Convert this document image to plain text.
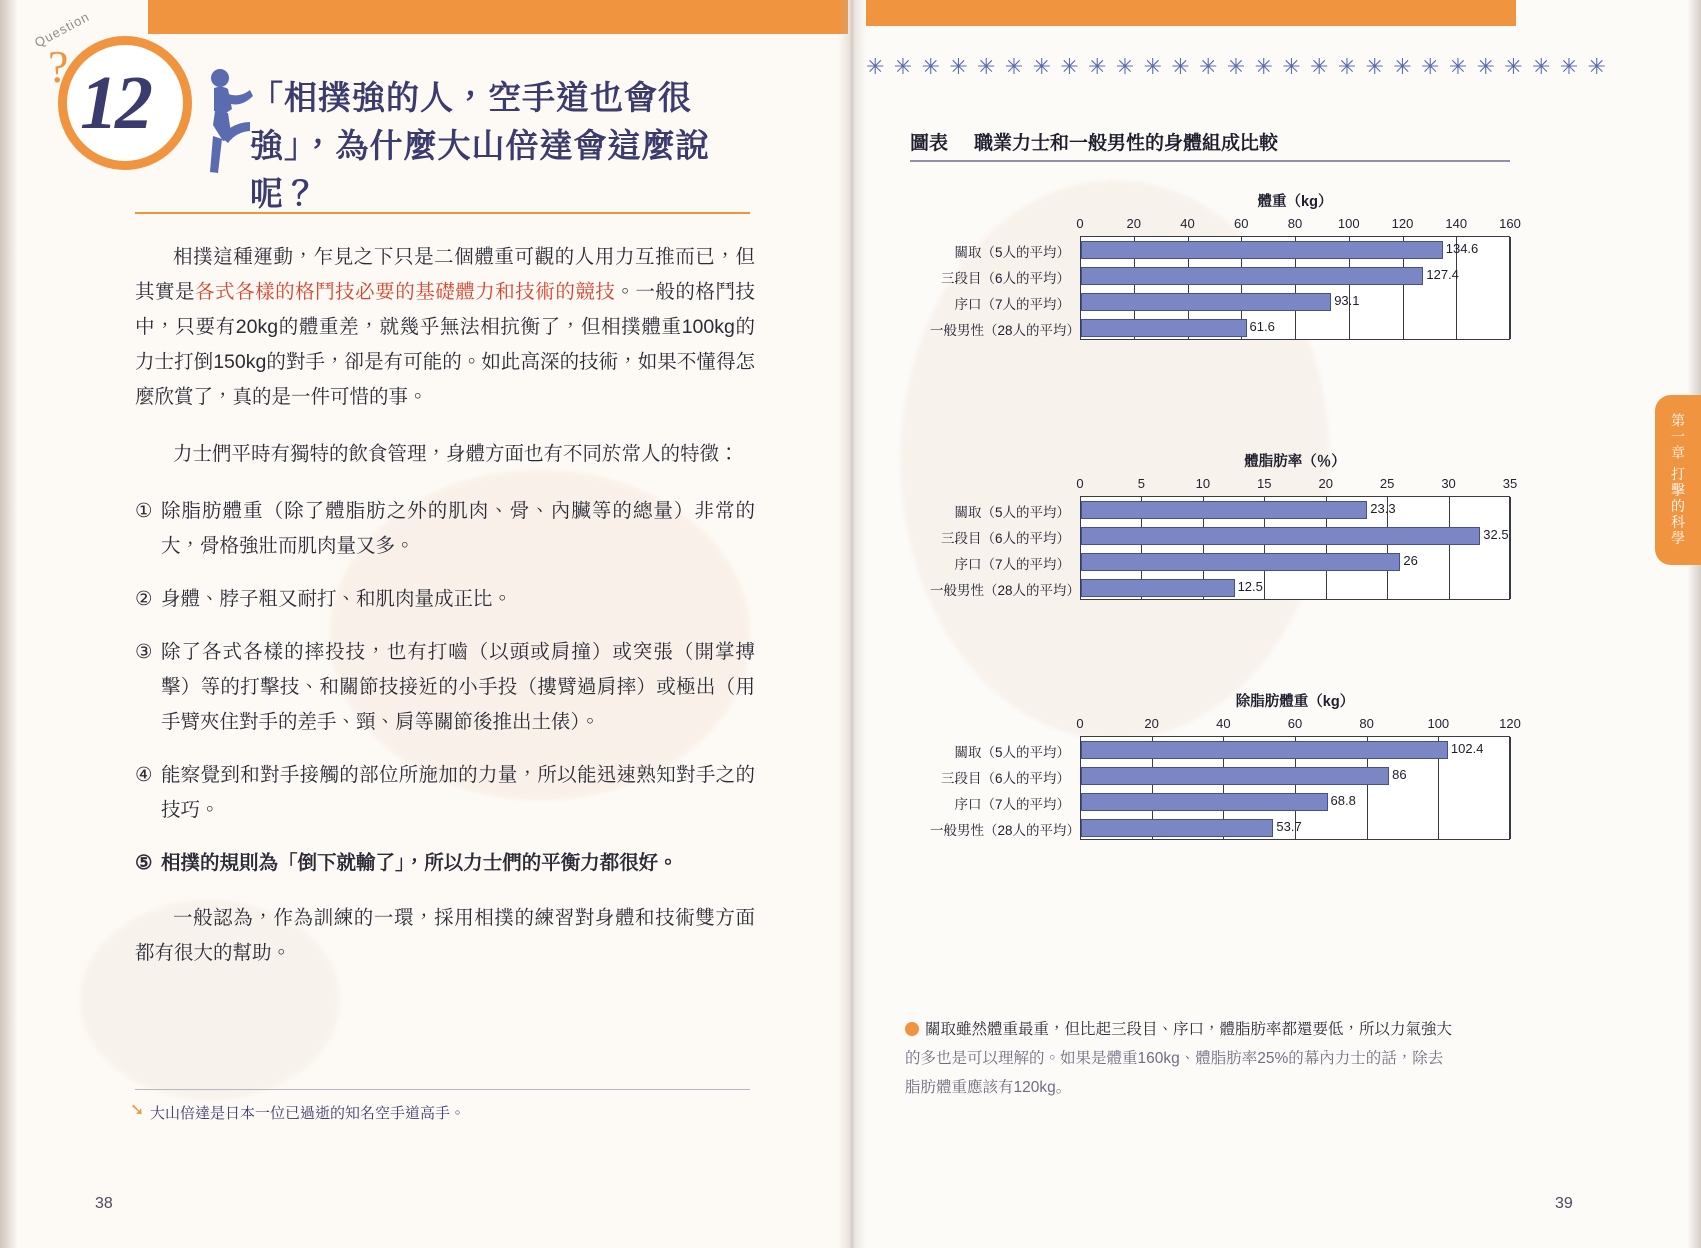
Question
? 12	「相撲強的人，空手道也會很強」，為什麼大山倍達會這麼說呢？

相撲這種運動，乍見之下只是二個體重可觀的人用力互推而已，但其實是各式各樣的格鬥技必要的基礎體力和技術的競技。一般的格鬥技中，只要有20kg的體重差，就幾乎無法相抗衡了，但相撲體重100kg的力士打倒150kg的對手，卻是有可能的。如此高深的技術，如果不懂得怎麼欣賞了，真的是一件可惜的事。

力士們平時有獨特的飲食管理，身體方面也有不同於常人的特徵：

① 除脂肪體重（除了體脂肪之外的肌肉、骨、內臟等的總量）非常的大，骨格強壯而肌肉量又多。
② 身體、脖子粗又耐打、和肌肉量成正比。
③ 除了各式各樣的摔投技，也有打嚙（以頭或肩撞）或突張（開掌搏擊）等的打擊技、和關節技接近的小手投（摟臂過肩摔）或極出（用手臂夾住對手的差手、頸、肩等關節後推出土俵）。
④ 能察覺到和對手接觸的部位所施加的力量，所以能迅速熟知對手之的技巧。
⑤ 相撲的規則為「倒下就輸了」，所以力士們的平衡力都很好。

一般認為，作為訓練的一環，採用相撲的練習對身體和技術雙方面都有很大的幫助。

➘ 大山倍達是日本一位已過逝的知名空手道高手。
38	39
✳ ✳ ✳ ✳ ✳ ✳ ✳ ✳ ✳ ✳ ✳ ✳ ✳ ✳ ✳ ✳ ✳ ✳ ✳ ✳ ✳ ✳ ✳ ✳ ✳ ✳ ✳
圖表 職業力士和一般男性的身體組成比較
體重（kg）
0	20	40	60	80	100 120 140 160
關取（5人的平均）	134.6
三段目（6人的平均）	127.4
序口（7人的平均）	93.1
一般男性（28人的平均）	61.6
體脂肪率（％）
0	5	10	15	20	25	30	35
關取（5人的平均）	23.3
三段目（6人的平均）	32.5
序口（7人的平均）	26
一般男性（28人的平均）	12.5
除脂肪體重（kg）
0	20	40	60	80	100	120
關取（5人的平均）	102.4
三段目（6人的平均）	86
序口（7人的平均）	68.8
一般男性（28人的平均）	53.7
關取雖然體重最重，但比起三段目、序口，體脂肪率都還要低，所以力氣強大
的多也是可以理解的。如果是體重160kg、體脂肪率25%的幕內力士的話，除去
脂肪體重應該有120kg。
第一章 打擊的科學
